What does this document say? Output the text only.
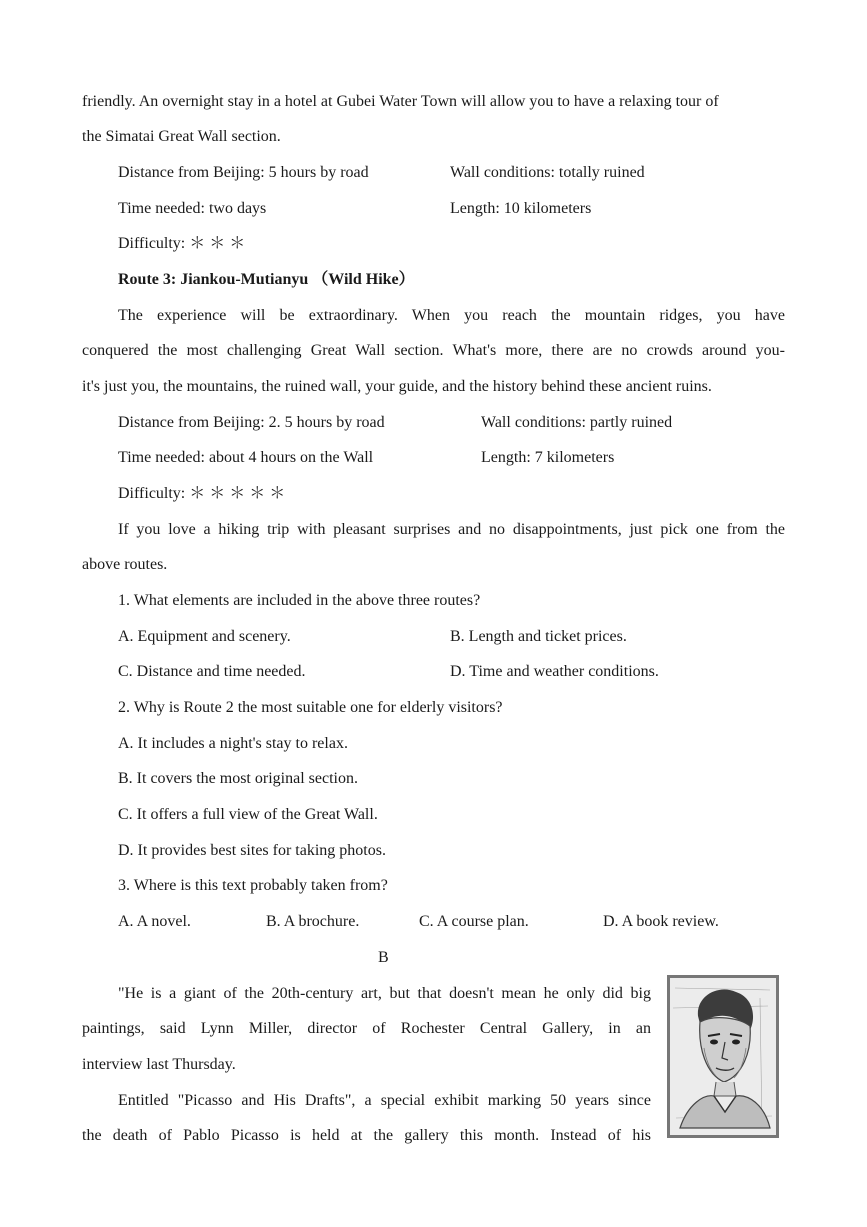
friendly. An overnight stay in a hotel at Gubei Water Town will allow you to have a relaxing tour of
the Simatai Great Wall section.
Distance from Beijing: 5 hours by road	Wall conditions: totally ruined
Time needed: two days	Length: 10 kilometers
Difficulty: ＊＊＊
Route 3: Jiankou-Mutianyu （Wild Hike）
The experience will be extraordinary. When you reach the mountain ridges, you have
conquered the most challenging Great Wall section. What's more, there are no crowds around you-
it's just you, the mountains, the ruined wall, your guide, and the history behind these ancient ruins.
Distance from Beijing: 2. 5 hours by road	Wall conditions: partly ruined
Time needed: about 4 hours on the Wall	Length: 7 kilometers
Difficulty: ＊＊＊＊＊
If you love a hiking trip with pleasant surprises and no disappointments, just pick one from the
above routes.
1. What elements are included in the above three routes?
A. Equipment and scenery.	B. Length and ticket prices.
C. Distance and time needed.	D. Time and weather conditions.
2. Why is Route 2 the most suitable one for elderly visitors?
A. It includes a night's stay to relax.
B. It covers the most original section.
C. It offers a full view of the Great Wall.
D. It provides best sites for taking photos.
3. Where is this text probably taken from?
A. A novel.	B. A brochure.	C. A course plan.	D. A book review.
B
"He is a giant of the 20th-century art, but that doesn't mean he only did big
paintings, said Lynn Miller, director of Rochester Central Gallery, in an
interview last Thursday.
Entitled "Picasso and His Drafts", a special exhibit marking 50 years since
the death of Pablo Picasso is held at the gallery this month. Instead of his
